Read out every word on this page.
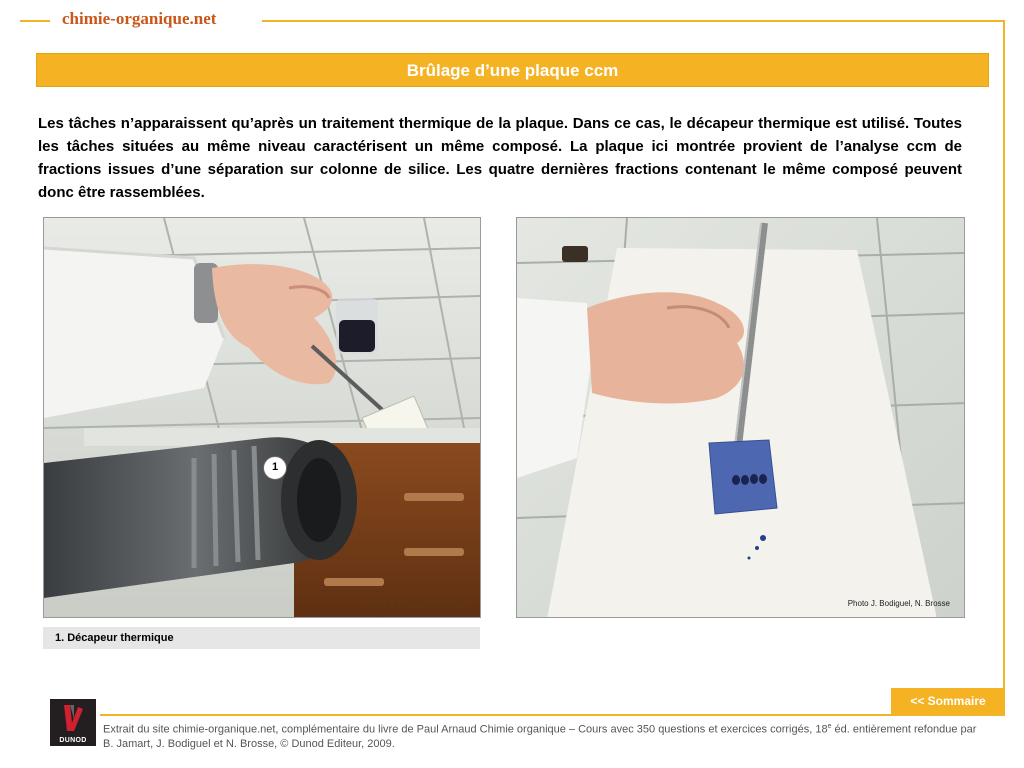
chimie-organique.net
Brûlage d’une plaque ccm

Les tâches n’apparaissent qu’après un traitement thermique de la plaque. Dans ce cas, le décapeur thermique est utilisé. Toutes les tâches situées au même niveau caractérisent un même composé. La plaque ici montrée provient de l’analyse ccm de fractions issues d’une séparation sur colonne de silice. Les quatre dernières fractions contenant le même composé peuvent donc être rassemblées.

Photo J. Bodiguel, N. Brosse
1
Photo J. Bodiguel, N. Brosse
1. Décapeur thermique
<< Sommaire
DUNOD
Extrait du site chimie-organique.net, complémentaire du livre de Paul Arnaud Chimie organique – Cours avec 350 questions et exercices corrigés, 18e éd. entièrement refondue par B. Jamart, J. Bodiguel et N. Brosse, © Dunod Editeur, 2009.
